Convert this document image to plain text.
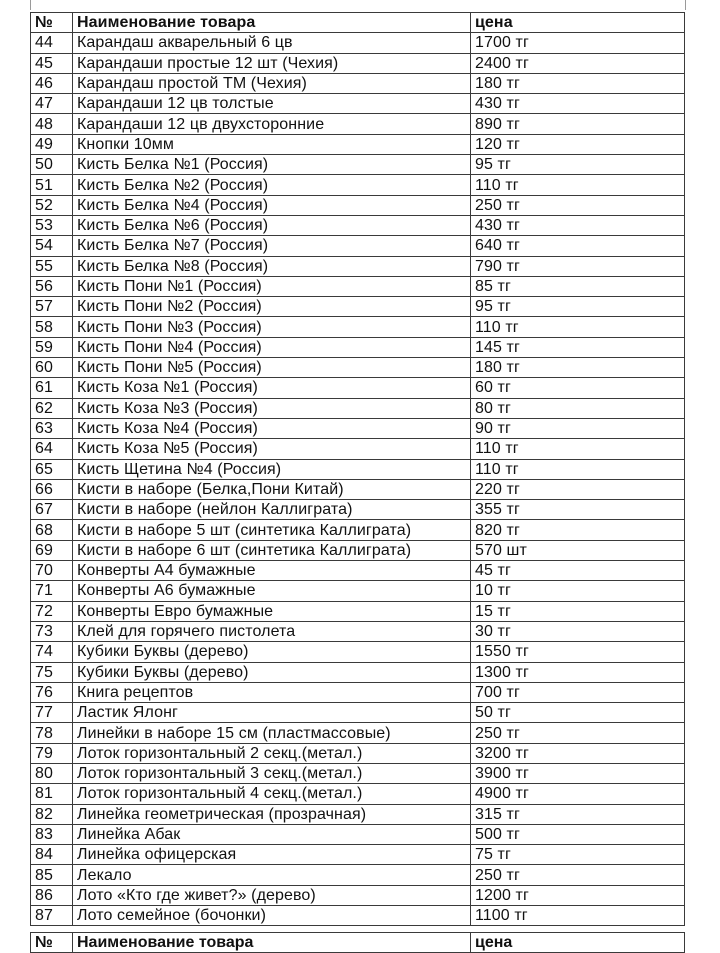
№	Наименование товара	цена
44	Карандаш акварельный 6 цв	1700 тг
45	Карандаши простые 12 шт (Чехия)	2400 тг
46	Карандаш простой ТМ (Чехия)	180 тг
47	Карандаши 12 цв толстые	430 тг
48	Карандаши 12 цв двухсторонние	890 тг
49	Кнопки 10мм	120 тг
50	Кисть Белка №1 (Россия)	95 тг
51	Кисть Белка №2 (Россия)	110 тг
52	Кисть Белка №4 (Россия)	250 тг
53	Кисть Белка №6 (Россия)	430 тг
54	Кисть Белка №7 (Россия)	640 тг
55	Кисть Белка №8 (Россия)	790 тг
56	Кисть Пони №1 (Россия)	85 тг
57	Кисть Пони №2 (Россия)	95 тг
58	Кисть Пони №3 (Россия)	110 тг
59	Кисть Пони №4 (Россия)	145 тг
60	Кисть Пони №5 (Россия)	180 тг
61	Кисть Коза №1 (Россия)	60 тг
62	Кисть Коза №3 (Россия)	80 тг
63	Кисть Коза №4 (Россия)	90 тг
64	Кисть Коза №5 (Россия)	110 тг
65	Кисть Щетина №4 (Россия)	110 тг
66	Кисти в наборе (Белка,Пони Китай)	220 тг
67	Кисти в наборе (нейлон Каллиграта)	355 тг
68	Кисти в наборе 5 шт (синтетика Каллиграта)	820 тг
69	Кисти в наборе 6 шт (синтетика Каллиграта)	570 шт
70	Конверты А4 бумажные	45 тг
71	Конверты А6 бумажные	10 тг
72	Конверты Евро бумажные	15 тг
73	Клей для горячего пистолета	30 тг
74	Кубики Буквы (дерево)	1550 тг
75	Кубики Буквы (дерево)	1300 тг
76	Книга рецептов	700 тг
77	Ластик Ялонг	50 тг
78	Линейки в наборе 15 см (пластмассовые)	250 тг
79	Лоток горизонтальный 2 секц.(метал.)	3200 тг
80	Лоток горизонтальный 3 секц.(метал.)	3900 тг
81	Лоток горизонтальный 4 секц.(метал.)	4900 тг
82	Линейка геометрическая (прозрачная)	315 тг
83	Линейка Абак	500 тг
84	Линейка офицерская	75 тг
85	Лекало	250 тг
86	Лото «Кто где живет?» (дерево)	1200 тг
87	Лото семейное (бочонки)	1100 тг
№	Наименование товара	цена
